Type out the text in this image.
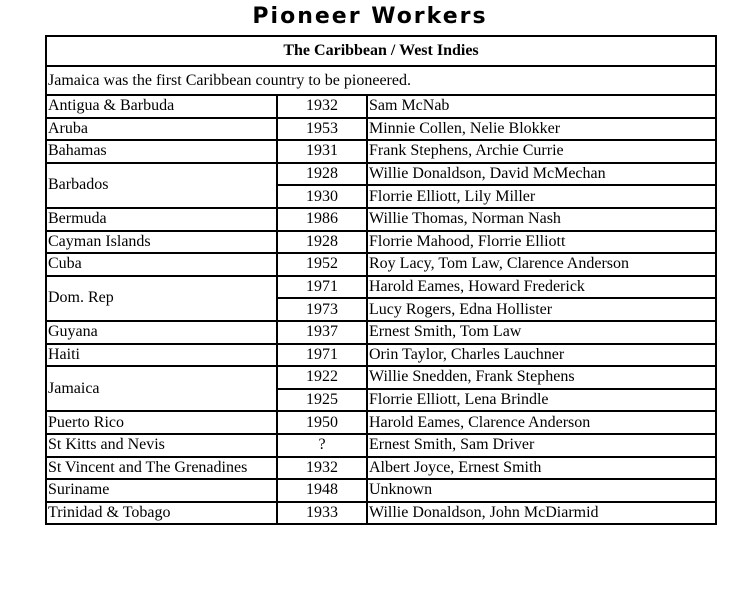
Pioneer Workers
The Caribbean / West Indies		
Jamaica was the first Caribbean country to be pioneered.		
Antigua & Barbuda	1932	Sam McNab
Aruba	1953	Minnie Collen, Nelie Blokker
Bahamas	1931	Frank Stephens, Archie Currie
Barbados	1928	Willie Donaldson, David McMechan
	1930	Florrie Elliott, Lily Miller
Bermuda	1986	Willie Thomas, Norman Nash
Cayman Islands	1928	Florrie Mahood, Florrie Elliott
Cuba	1952	Roy Lacy, Tom Law, Clarence Anderson
Dom. Rep	1971	Harold Eames, Howard Frederick
	1973	Lucy Rogers, Edna Hollister
Guyana	1937	Ernest Smith, Tom Law
Haiti	1971	Orin Taylor, Charles Lauchner
Jamaica	1922	Willie Snedden, Frank Stephens
	1925	Florrie Elliott, Lena Brindle
Puerto Rico	1950	Harold Eames, Clarence Anderson
St Kitts and Nevis	?	Ernest Smith, Sam Driver
St Vincent and The Grenadines	1932	Albert Joyce, Ernest Smith
Suriname	1948	Unknown
Trinidad & Tobago	1933	Willie Donaldson, John McDiarmid
